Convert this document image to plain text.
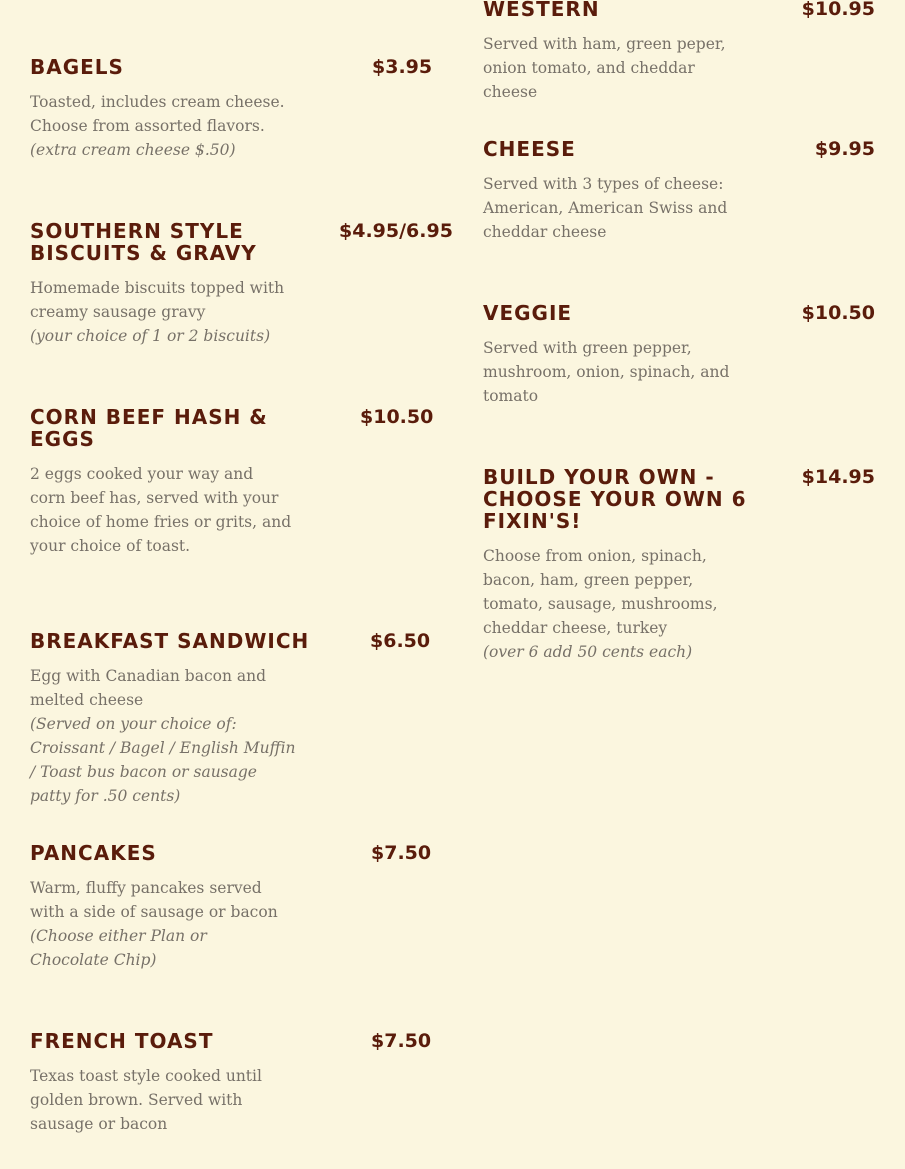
BAGELS	$3.95

Toasted, includes cream cheese. Choose from assorted flavors.
(extra cream cheese $.50)

SOUTHERN STYLE BISCUITS & GRAVY
$4.95/6.95

Homemade biscuits topped with creamy sausage gravy
(your choice of 1 or 2 biscuits)

CORN BEEF HASH & EGGS
$10.50

2 eggs cooked your way and corn beef has, served with your choice of home fries or grits, and your choice of toast.

BREAKFAST SANDWICH	$6.50

Egg with Canadian bacon and melted cheese
(Served on your choice of: Croissant / Bagel / English Muffin / Toast bus bacon or sausage patty for .50 cents)

PANCAKES	$7.50

Warm, fluffy pancakes served with a side of sausage or bacon
(Choose either Plan or Chocolate Chip)

FRENCH TOAST	$7.50

Texas toast style cooked until golden brown. Served with sausage or bacon

WESTERN	$10.95

Served with ham, green peper, onion tomato, and cheddar cheese

CHEESE	$9.95

Served with 3 types of cheese: American, American Swiss and cheddar cheese

VEGGIE	$10.50

Served with green pepper, mushroom, onion, spinach, and tomato

BUILD YOUR OWN - CHOOSE YOUR OWN 6 FIXIN'S!
$14.95

Choose from onion, spinach, bacon, ham, green pepper, tomato, sausage, mushrooms, cheddar cheese, turkey
(over 6 add 50 cents each)
